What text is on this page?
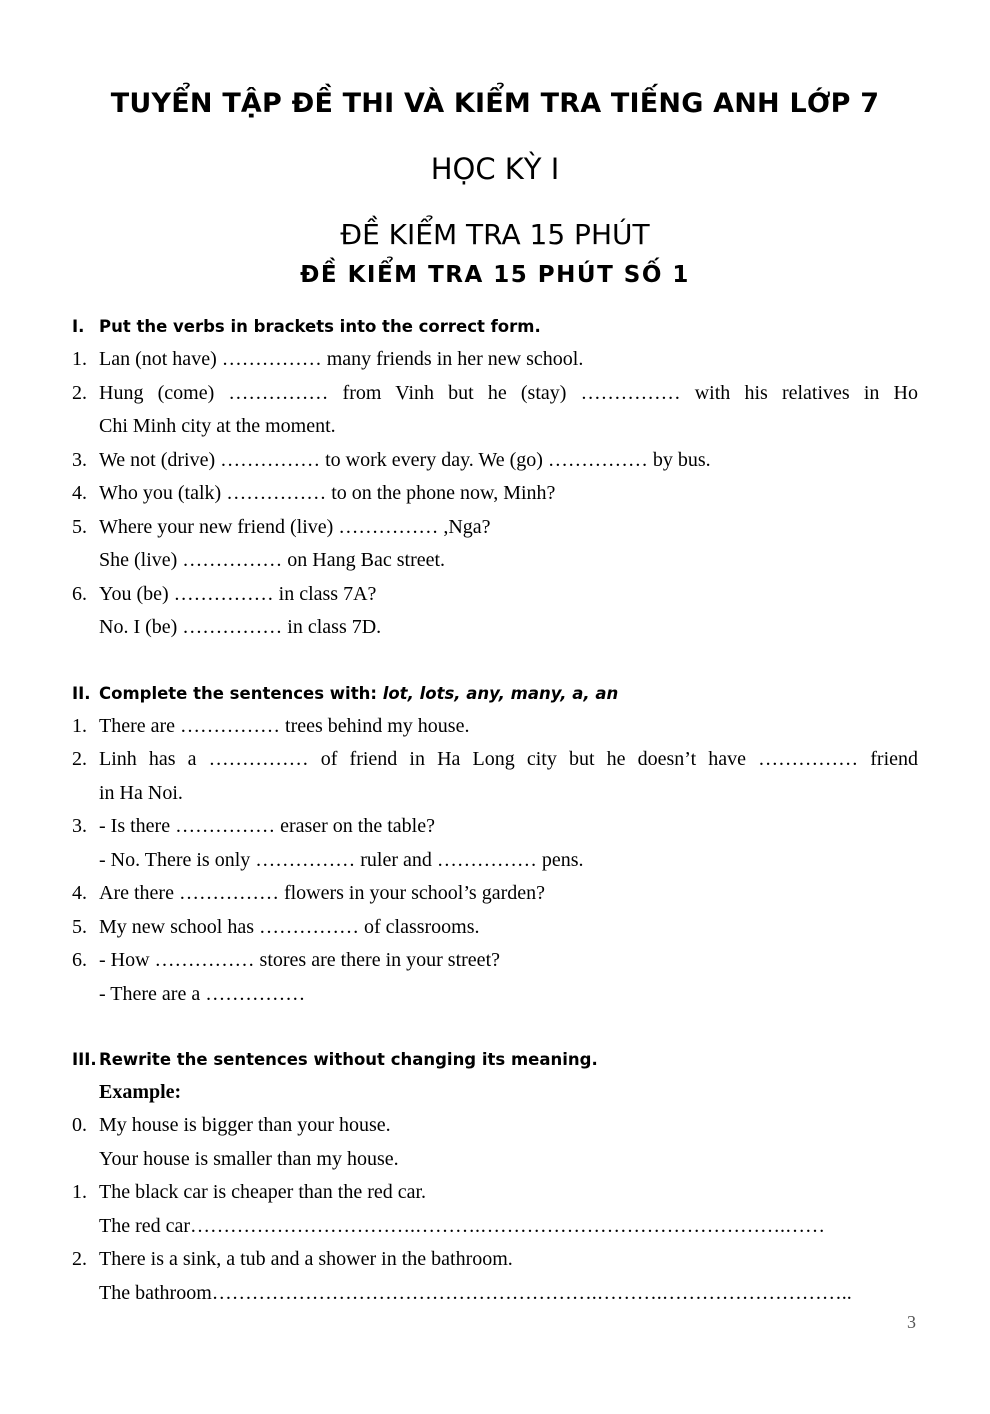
TUYỂN TẬP ĐỀ THI VÀ KIỂM TRA TIẾNG ANH LỚP 7
HỌC KỲ I
ĐỀ KIỂM TRA 15 PHÚT
ĐỀ KIỂM TRA 15 PHÚT SỐ 1
I. Put the verbs in brackets into the correct form.
1. Lan (not have) …………… many friends in her new school.
2. Hung (come) …………… from Vinh but he (stay) …………… with his relatives in Ho
Chi Minh city at the moment.
3. We not (drive) …………… to work every day. We (go) …………… by bus.
4. Who you (talk) …………… to on the phone now, Minh?
5. Where your new friend (live) …………… ,Nga?
She (live) …………… on Hang Bac street.
6. You (be) …………… in class 7A?
No. I (be) …………… in class 7D.
II. Complete the sentences with: lot, lots, any, many, a, an
1. There are …………… trees behind my house.
2. Linh has a …………… of friend in Ha Long city but he doesn’t have …………… friend
in Ha Noi.
3. - Is there …………… eraser on the table?
- No. There is only …………… ruler and …………… pens.
4. Are there …………… flowers in your school’s garden?
5. My new school has …………… of classrooms.
6. - How …………… stores are there in your street?
- There are a ……………
III. Rewrite the sentences without changing its meaning.
Example:
0. My house is bigger than your house.
Your house is smaller than my house.
1. The black car is cheaper than the red car.
The red car…………………………….……….……………………………………….……
2. There is a sink, a tub and a shower in the bathroom.
The bathroom………………………………………………….……….………………………..
3
